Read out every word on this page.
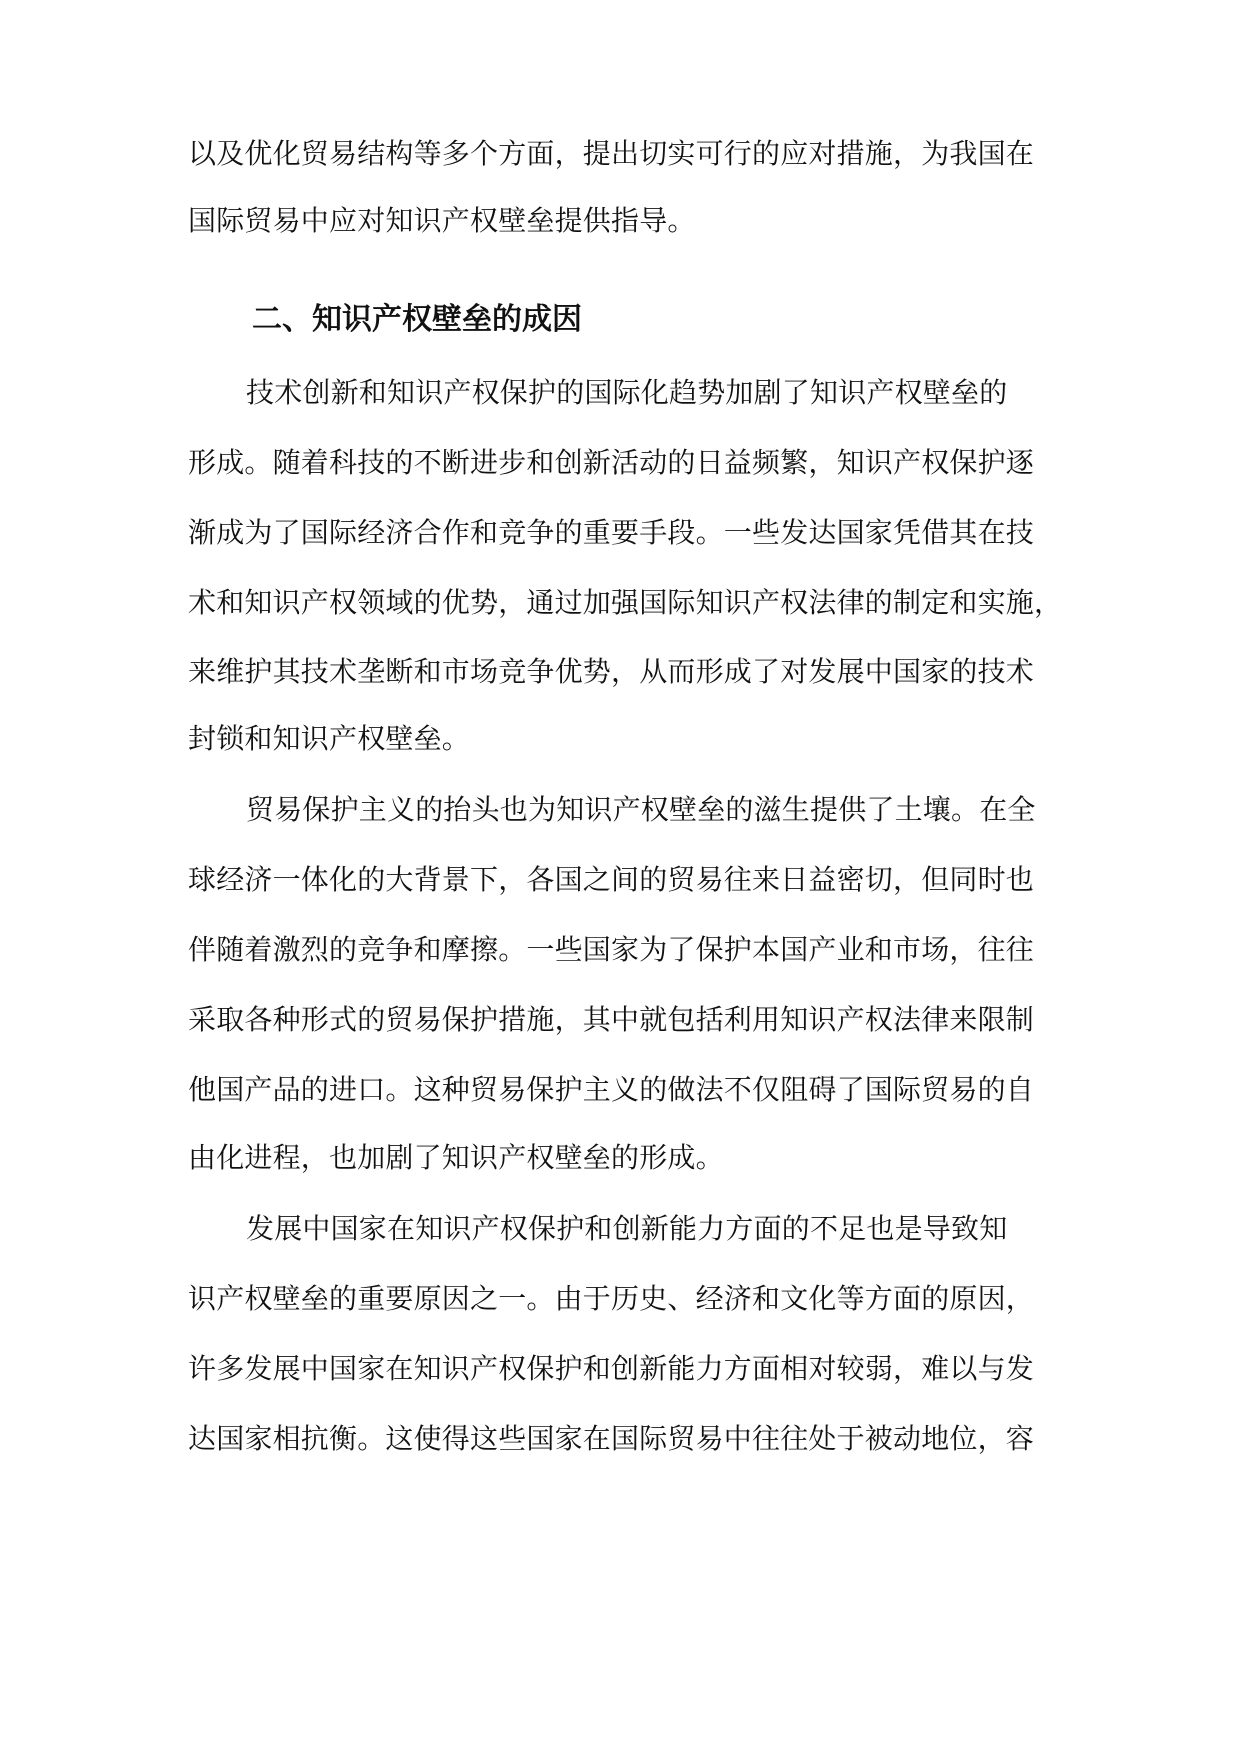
以及优化贸易结构等多个方面，提出切实可行的应对措施，为我国在
国际贸易中应对知识产权壁垒提供指导。
二、知识产权壁垒的成因
技术创新和知识产权保护的国际化趋势加剧了知识产权壁垒的
形成。随着科技的不断进步和创新活动的日益频繁，知识产权保护逐
渐成为了国际经济合作和竞争的重要手段。一些发达国家凭借其在技
术和知识产权领域的优势，通过加强国际知识产权法律的制定和实施，
来维护其技术垄断和市场竞争优势，从而形成了对发展中国家的技术
封锁和知识产权壁垒。
贸易保护主义的抬头也为知识产权壁垒的滋生提供了土壤。在全
球经济一体化的大背景下，各国之间的贸易往来日益密切，但同时也
伴随着激烈的竞争和摩擦。一些国家为了保护本国产业和市场，往往
采取各种形式的贸易保护措施，其中就包括利用知识产权法律来限制
他国产品的进口。这种贸易保护主义的做法不仅阻碍了国际贸易的自
由化进程，也加剧了知识产权壁垒的形成。
发展中国家在知识产权保护和创新能力方面的不足也是导致知
识产权壁垒的重要原因之一。由于历史、经济和文化等方面的原因，
许多发展中国家在知识产权保护和创新能力方面相对较弱，难以与发
达国家相抗衡。这使得这些国家在国际贸易中往往处于被动地位，容
